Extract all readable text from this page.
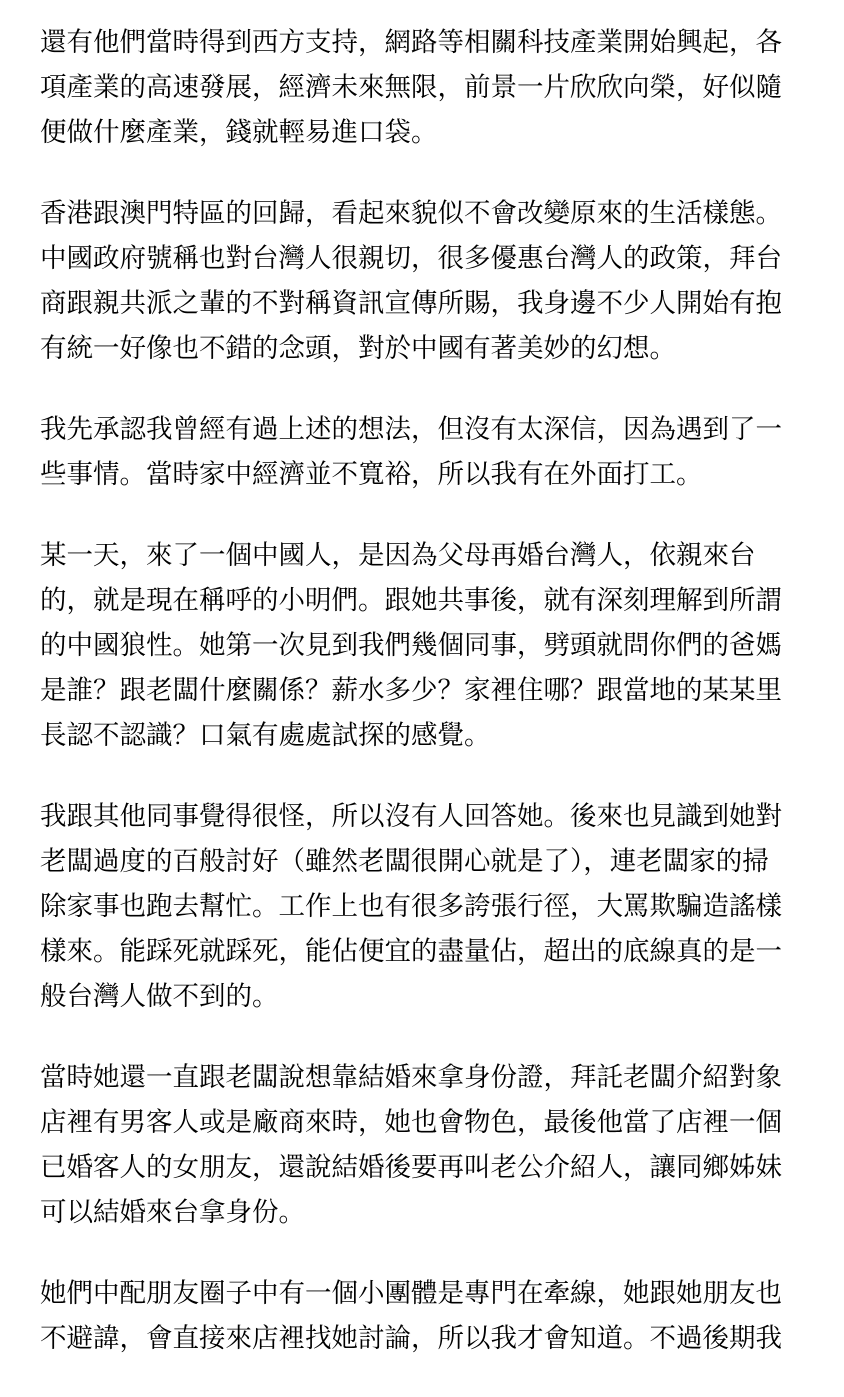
還有他們當時得到西方支持，網路等相關科技產業開始興起，各
項產業的高速發展，經濟未來無限，前景一片欣欣向榮，好似隨
便做什麼產業，錢就輕易進口袋。

香港跟澳門特區的回歸，看起來貌似不會改變原來的生活樣態。
中國政府號稱也對台灣人很親切，很多優惠台灣人的政策，拜台
商跟親共派之輩的不對稱資訊宣傳所賜，我身邊不少人開始有抱
有統一好像也不錯的念頭，對於中國有著美妙的幻想。

我先承認我曾經有過上述的想法，但沒有太深信，因為遇到了一
些事情。當時家中經濟並不寬裕，所以我有在外面打工。

某一天，來了一個中國人，是因為父母再婚台灣人，依親來台
的，就是現在稱呼的小明們。跟她共事後，就有深刻理解到所謂
的中國狼性。她第一次見到我們幾個同事，劈頭就問你們的爸媽
是誰？跟老闆什麼關係？薪水多少？家裡住哪？跟當地的某某里
長認不認識？口氣有處處試探的感覺。

我跟其他同事覺得很怪，所以沒有人回答她。後來也見識到她對
老闆過度的百般討好（雖然老闆很開心就是了），連老闆家的掃
除家事也跑去幫忙。工作上也有很多誇張行徑，大罵欺騙造謠樣
樣來。能踩死就踩死，能佔便宜的盡量佔，超出的底線真的是一
般台灣人做不到的。

當時她還一直跟老闆說想靠結婚來拿身份證，拜託老闆介紹對象
店裡有男客人或是廠商來時，她也會物色，最後他當了店裡一個
已婚客人的女朋友，還說結婚後要再叫老公介紹人，讓同鄉姊妹
可以結婚來台拿身份。

她們中配朋友圈子中有一個小團體是專門在牽線，她跟她朋友也
不避諱，會直接來店裡找她討論，所以我才會知道。不過後期我
